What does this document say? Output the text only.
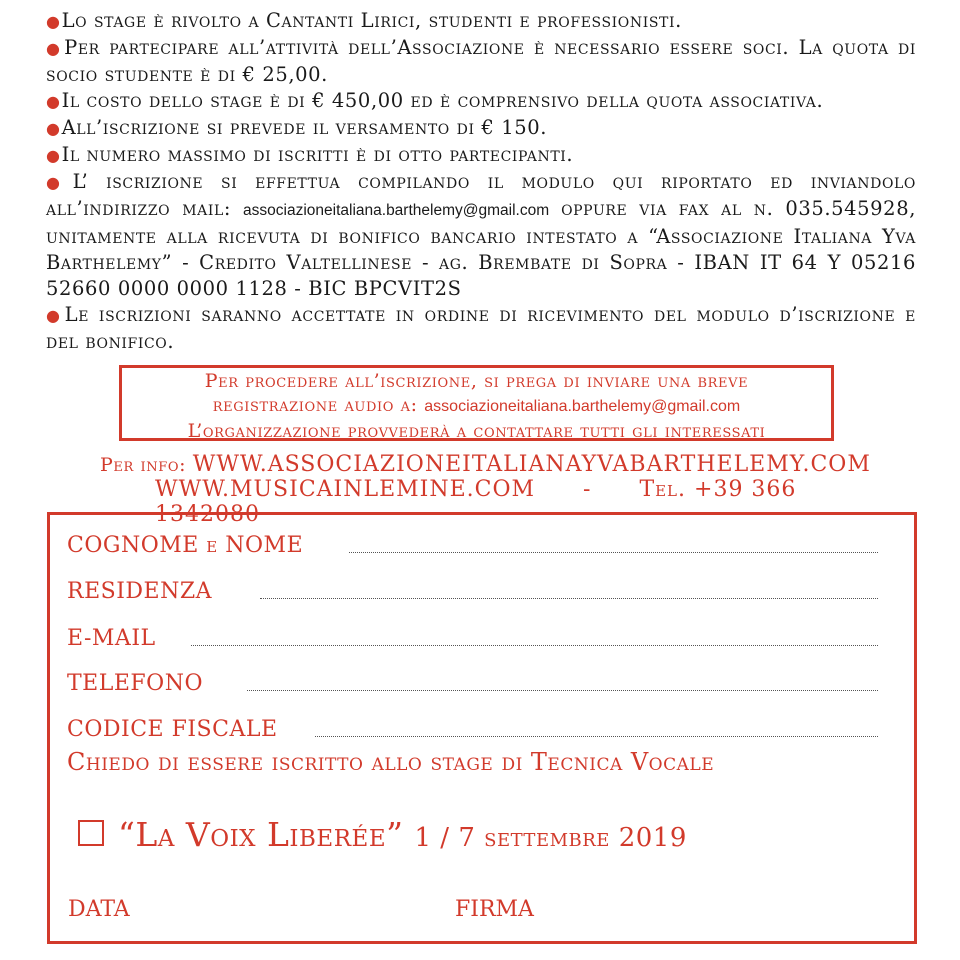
●Lo stage è rivolto a Cantanti Lirici, studenti e professionisti.
●Per partecipare all’attività dell’Associazione è necessario essere soci. La quota di socio studente è di € 25,00.
●Il costo dello stage è di € 450,00 ed è comprensivo della quota associativa.
●All’iscrizione si prevede il versamento di € 150.
●Il numero massimo di iscritti è di otto partecipanti.
●L’ iscrizione si effettua compilando il modulo qui riportato ed inviandolo all’indirizzo mail: associazioneitaliana.barthelemy@gmail.com oppure via fax al n. 035.545928, unitamente alla ricevuta di bonifico bancario intestato a “Associazione Italiana Yva Barthelemy” - Credito Valtellinese - ag. Brembate di Sopra - IBAN IT 64 Y 05216 52660 0000 0000 1128 - BIC BPCVIT2S
●Le iscrizioni saranno accettate in ordine di ricevimento del modulo d’iscrizione e del bonifico.
Per procedere all’iscrizione, si prega di inviare una breve
registrazione audio a: associazioneitaliana.barthelemy@gmail.com
L’organizzazione provvederà a contattare tutti gli interessati
Per info: WWW.ASSOCIAZIONEITALIANAYVABARTHELEMY.COM
WWW.MUSICAINLEMINE.COM - Tel. +39 366 1342080
COGNOME e NOME
RESIDENZA
E-MAIL
TELEFONO
CODICE FISCALE
Chiedo di essere iscritto allo stage di Tecnica Vocale
“La Voix Liberée” 1 / 7 settembre 2019
DATA	FIRMA
